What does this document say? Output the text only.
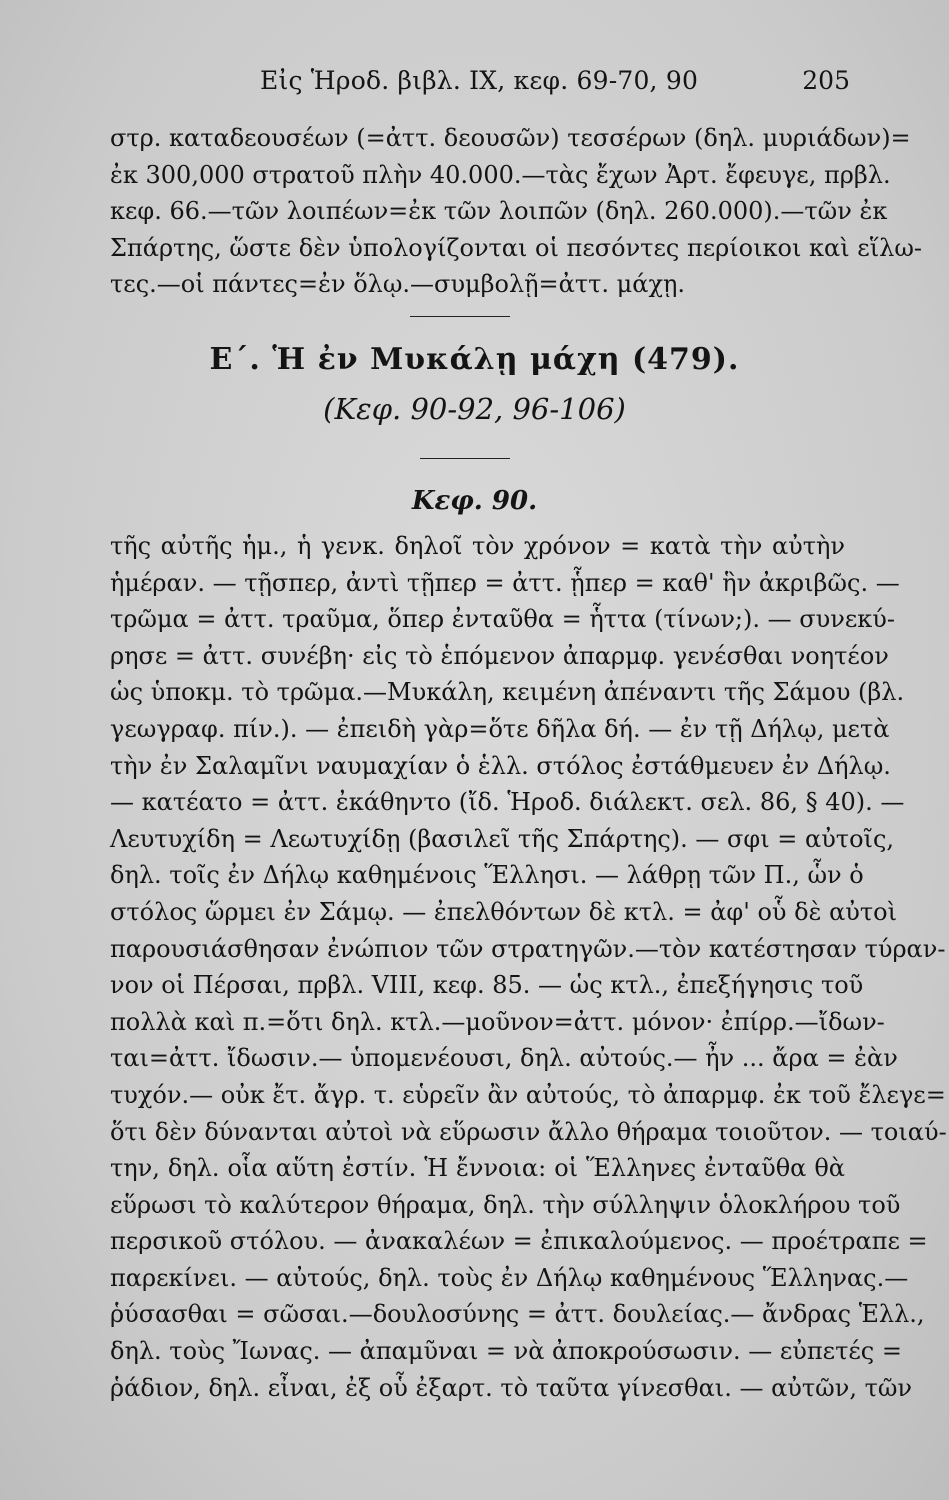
Εἰς Ἡροδ. βιβλ. IX, κεφ. 69-70, 90	205

στρ. καταδεουσέων (=ἀττ. δεουσῶν) τεσσέρων (δηλ. μυριάδων)=
ἐκ 300,000 στρατοῦ πλὴν 40.000.—τὰς ἔχων Ἀρτ. ἔφευγε, πρβλ.
κεφ. 66.—τῶν λοιπέων=ἐκ τῶν λοιπῶν (δηλ. 260.000).—τῶν ἐκ
Σπάρτης, ὥστε δὲν ὑπολογίζονται οἱ πεσόντες περίοικοι καὶ εἵλω-
τες.—οἱ πάντες=ἐν ὅλῳ.—συμβολῇ=ἀττ. μάχῃ.

Ε΄. Ἡ ἐν Μυκάλῃ μάχη (479).
(Κεφ. 90-92, 96-106)
Κεφ. 90.

τῆς αὐτῆς ἡμ., ἡ γενκ. δηλοῖ τὸν χρόνον = κατὰ τὴν αὐτὴν
ἡμέραν. — τῇσπερ, ἀντὶ τῇπερ = ἀττ. ᾗπερ = καθ' ἣν ἀκριβῶς. —
τρῶμα = ἀττ. τραῦμα, ὅπερ ἐνταῦθα = ἧττα (τίνων;). — συνεκύ-
ρησε = ἀττ. συνέβη· εἰς τὸ ἑπόμενον ἀπαρμφ. γενέσθαι νοητέον
ὡς ὑποκμ. τὸ τρῶμα.—Μυκάλη, κειμένη ἀπέναντι τῆς Σάμου (βλ.
γεωγραφ. πίν.). — ἐπειδὴ γὰρ=ὅτε δῆλα δή. — ἐν τῇ Δήλῳ, μετὰ
τὴν ἐν Σαλαμῖνι ναυμαχίαν ὁ ἑλλ. στόλος ἐστάθμευεν ἐν Δήλῳ.
— κατέατο = ἀττ. ἐκάθηντο (ἴδ. Ἡροδ. διάλεκτ. σελ. 86, § 40). —
Λευτυχίδη = Λεωτυχίδῃ (βασιλεῖ τῆς Σπάρτης). — σφι = αὐτοῖς,
δηλ. τοῖς ἐν Δήλῳ καθημένοις Ἕλλησι. — λάθρῃ τῶν Π., ὧν ὁ
στόλος ὥρμει ἐν Σάμῳ. — ἐπελθόντων δὲ κτλ. = ἀφ' οὗ δὲ αὐτοὶ
παρουσιάσθησαν ἐνώπιον τῶν στρατηγῶν.—τὸν κατέστησαν τύραν-
νον οἱ Πέρσαι, πρβλ. VIII, κεφ. 85. — ὡς κτλ., ἐπεξήγησις τοῦ
πολλὰ καὶ π.=ὅτι δηλ. κτλ.—μοῦνον=ἀττ. μόνον· ἐπίρρ.—ἴδων-
ται=ἀττ. ἴδωσιν.— ὑπομενέουσι, δηλ. αὐτούς.— ἦν ... ἄρα = ἐὰν
τυχόν.— οὐκ ἔτ. ἄγρ. τ. εὑρεῖν ἂν αὐτούς, τὸ ἀπαρμφ. ἐκ τοῦ ἔλεγε=
ὅτι δὲν δύνανται αὐτοὶ νὰ εὕρωσιν ἄλλο θήραμα τοιοῦτον. — τοιαύ-
την, δηλ. οἷα αὕτη ἐστίν. Ἡ ἔννοια: οἱ Ἕλληνες ἐνταῦθα θὰ
εὕρωσι τὸ καλύτερον θήραμα, δηλ. τὴν σύλληψιν ὁλοκλήρου τοῦ
περσικοῦ στόλου. — ἀνακαλέων = ἐπικαλούμενος. — προέτραπε =
παρεκίνει. — αὐτούς, δηλ. τοὺς ἐν Δήλῳ καθημένους Ἕλληνας.—
ῥύσασθαι = σῶσαι.—δουλοσύνης = ἀττ. δουλείας.— ἄνδρας Ἑλλ.,
δηλ. τοὺς Ἴωνας. — ἀπαμῦναι = νὰ ἀποκρούσωσιν. — εὐπετές =
ῥάδιον, δηλ. εἶναι, ἐξ οὗ ἐξαρτ. τὸ ταῦτα γίνεσθαι. — αὐτῶν, τῶν
